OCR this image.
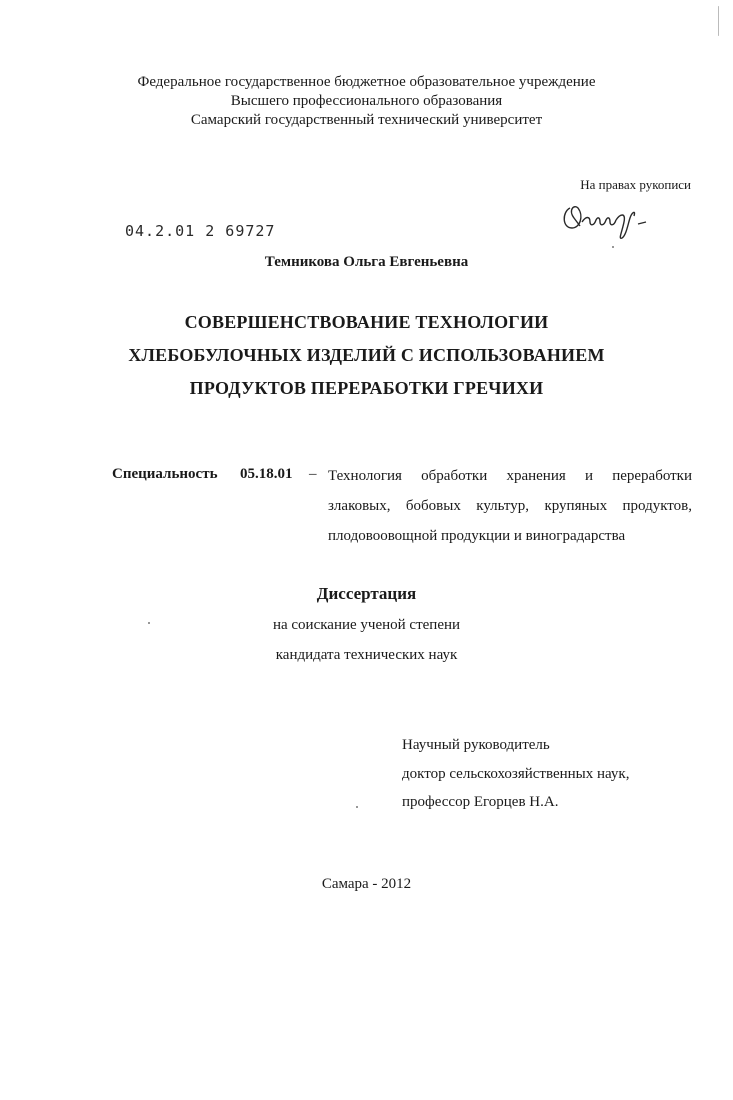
Федеральное государственное бюджетное образовательное учреждение
Высшего профессионального образования
Самарский государственный технический университет
На правах рукописи
04.2.01 2 69727
Темникова Ольга Евгеньевна
СОВЕРШЕНСТВОВАНИЕ ТЕХНОЛОГИИ
ХЛЕБОБУЛОЧНЫХ ИЗДЕЛИЙ С ИСПОЛЬЗОВАНИЕМ
ПРОДУКТОВ ПЕРЕРАБОТКИ ГРЕЧИХИ
Специальность 05.18.01 – Технология обработки хранения и переработки
злаковых, бобовых культур, крупяных продуктов,
плодовоовощной продукции и виноградарства
Диссертация
на соискание ученой степени
кандидата технических наук
Научный руководитель
доктор сельскохозяйственных наук,
профессор Егорцев Н.А.
Самара - 2012
